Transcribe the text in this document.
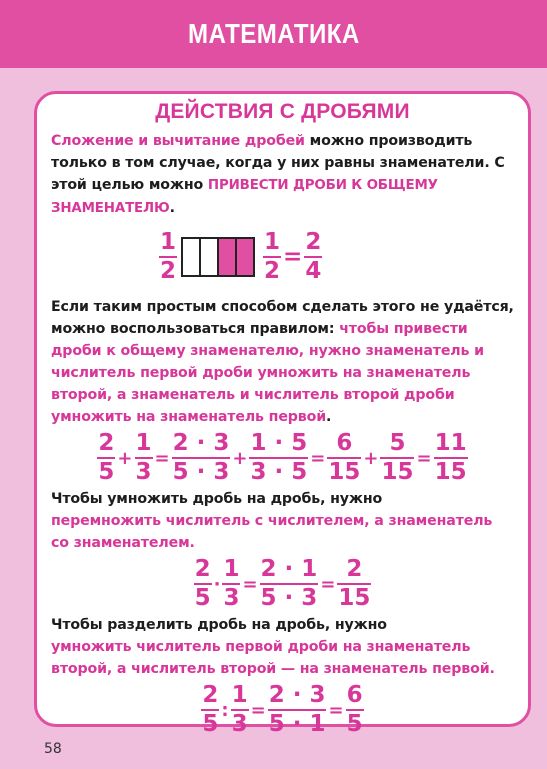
МАТЕМАТИКА
ДЕЙСТВИЯ С ДРОБЯМИ

Сложение и вычитание дробей можно производить только в том случае, когда у них равны знаменатели. С этой целью можно ПРИВЕСТИ ДРОБИ К ОБЩЕМУ ЗНАМЕНАТЕЛЮ.

$\frac{1}{2}$	$\frac{1}{2} = \frac{2}{4}$

Если таким простым способом сделать этого не удаётся, можно воспользоваться правилом: чтобы привести дроби к общему знаменателю, нужно знаменатель и числитель первой дроби умножить на знаменатель второй, а знаменатель и числитель второй дроби умножить на знаменатель первой.

$\frac{2}{5} + \frac{1}{3} = \frac{2 \cdot 3}{5 \cdot 3} + \frac{1 \cdot 5}{3 \cdot 5} = \frac{6}{15} + \frac{5}{15} = \frac{11}{15}$

Чтобы умножить дробь на дробь, нужно
перемножить числитель с числителем, а знаменатель со знаменателем.

$\frac{2}{5} \cdot \frac{1}{3} = \frac{2 \cdot 1}{5 \cdot 3} = \frac{2}{15}$

Чтобы разделить дробь на дробь, нужно
умножить числитель первой дроби на знаменатель второй, а числитель второй — на знаменатель первой.

$\frac{2}{5}$ : $\frac{1}{3} = \frac{2 \cdot 3}{5 \cdot 1} = \frac{6}{5}$
58
